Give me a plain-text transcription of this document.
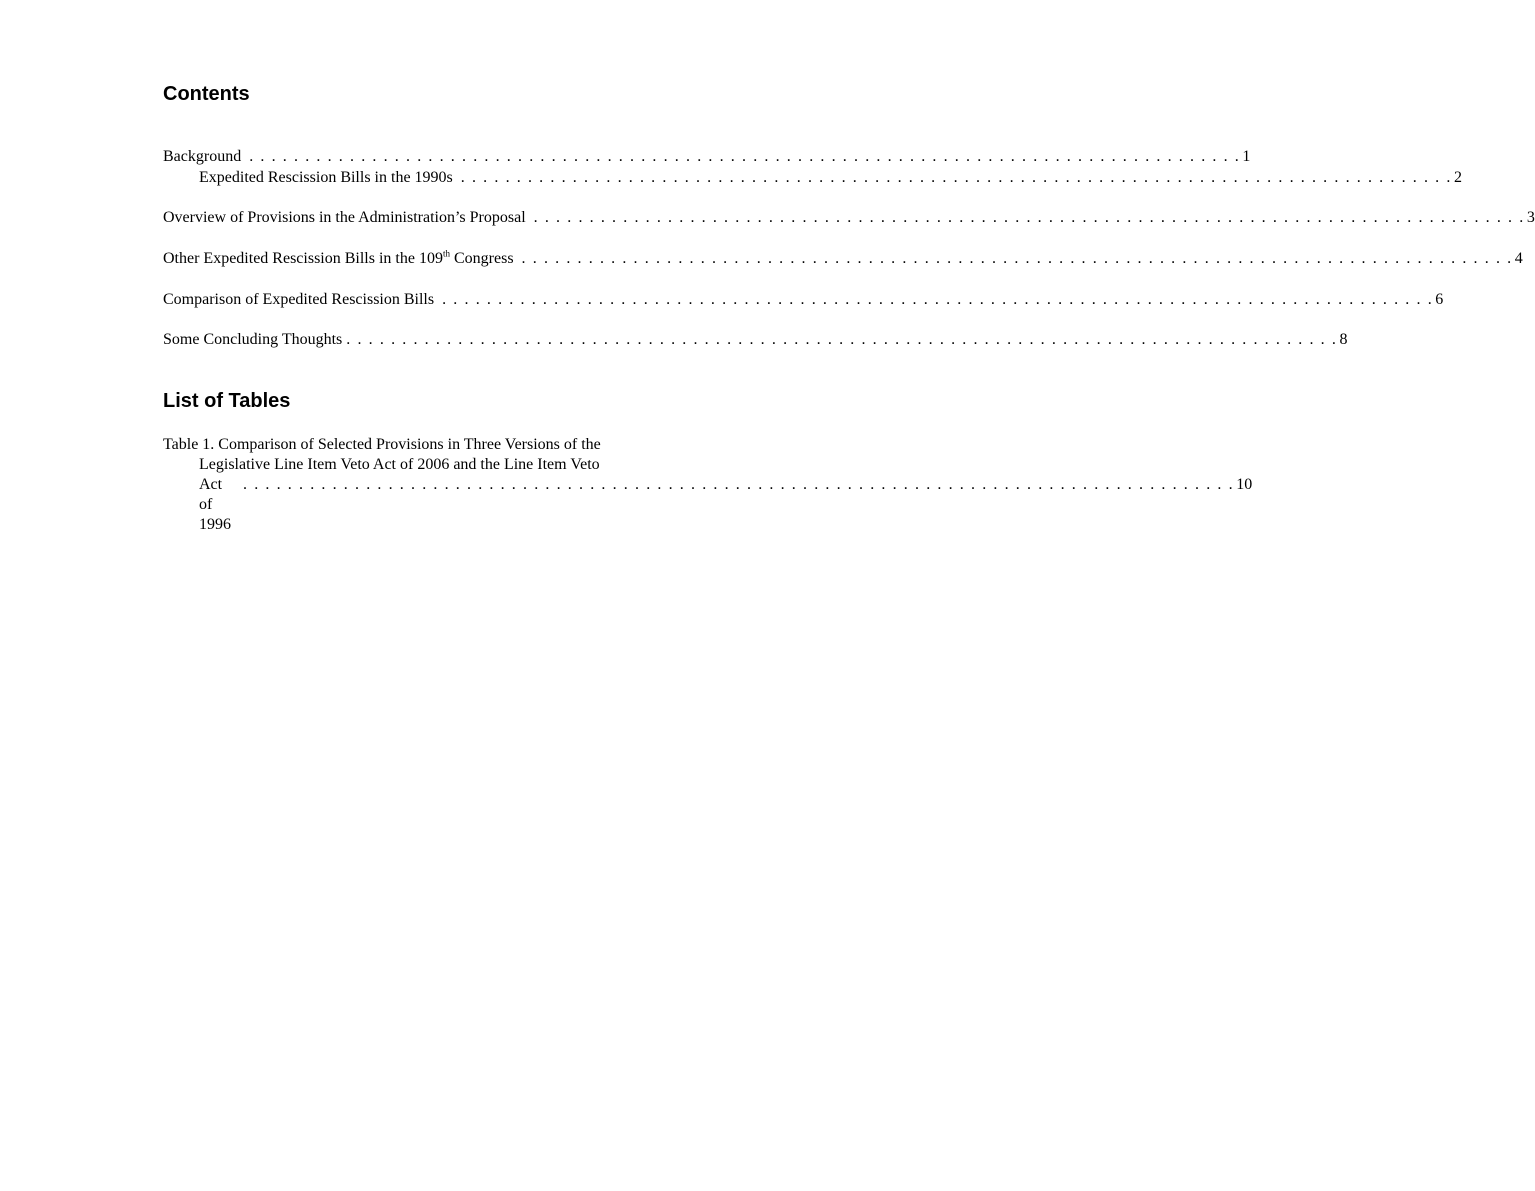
Contents
Background . . . . . . . . . . . . . . . . . . . . . . . . . . . . . . . . . . . . . . . . . . . . . . . . . . . . . . . . . . . . . . . . . . . . . . . . . . . . . . . . . . . . . . . . . 1
Expedited Rescission Bills in the 1990s . . . . . . . . . . . . . . . . . . . . . . . . . . . . . . . . . . . . . . . . . . . . . . . . . . . . . . . . . . . . . . . . . . . . . . . . . . . . . . . . . . . . . . . . . 2
Overview of Provisions in the Administration’s Proposal . . . . . . . . . . . . . . . . . . . . . . . . . . . . . . . . . . . . . . . . . . . . . . . . . . . . . . . . . . . . . . . . . . . . . . . . . . . . . . . . . . . . . . . . . 3
Other Expedited Rescission Bills in the 109th Congress . . . . . . . . . . . . . . . . . . . . . . . . . . . . . . . . . . . . . . . . . . . . . . . . . . . . . . . . . . . . . . . . . . . . . . . . . . . . . . . . . . . . . . . . . 4
Comparison of Expedited Rescission Bills . . . . . . . . . . . . . . . . . . . . . . . . . . . . . . . . . . . . . . . . . . . . . . . . . . . . . . . . . . . . . . . . . . . . . . . . . . . . . . . . . . . . . . . . . 6
Some Concluding Thoughts . . . . . . . . . . . . . . . . . . . . . . . . . . . . . . . . . . . . . . . . . . . . . . . . . . . . . . . . . . . . . . . . . . . . . . . . . . . . . . . . . . . . . . . . . 8
List of Tables
Table 1. Comparison of Selected Provisions in Three Versions of the
Legislative Line Item Veto Act of 2006 and the Line Item Veto
Act of 1996
. . . . . . . . . . . . . . . . . . . . . . . . . . . . . . . . . . . . . . . . . . . . . . . . . . . . . . . . . . . . . . . . . . . . . . . . . . . . . . . . . . . . . . . . . 10
